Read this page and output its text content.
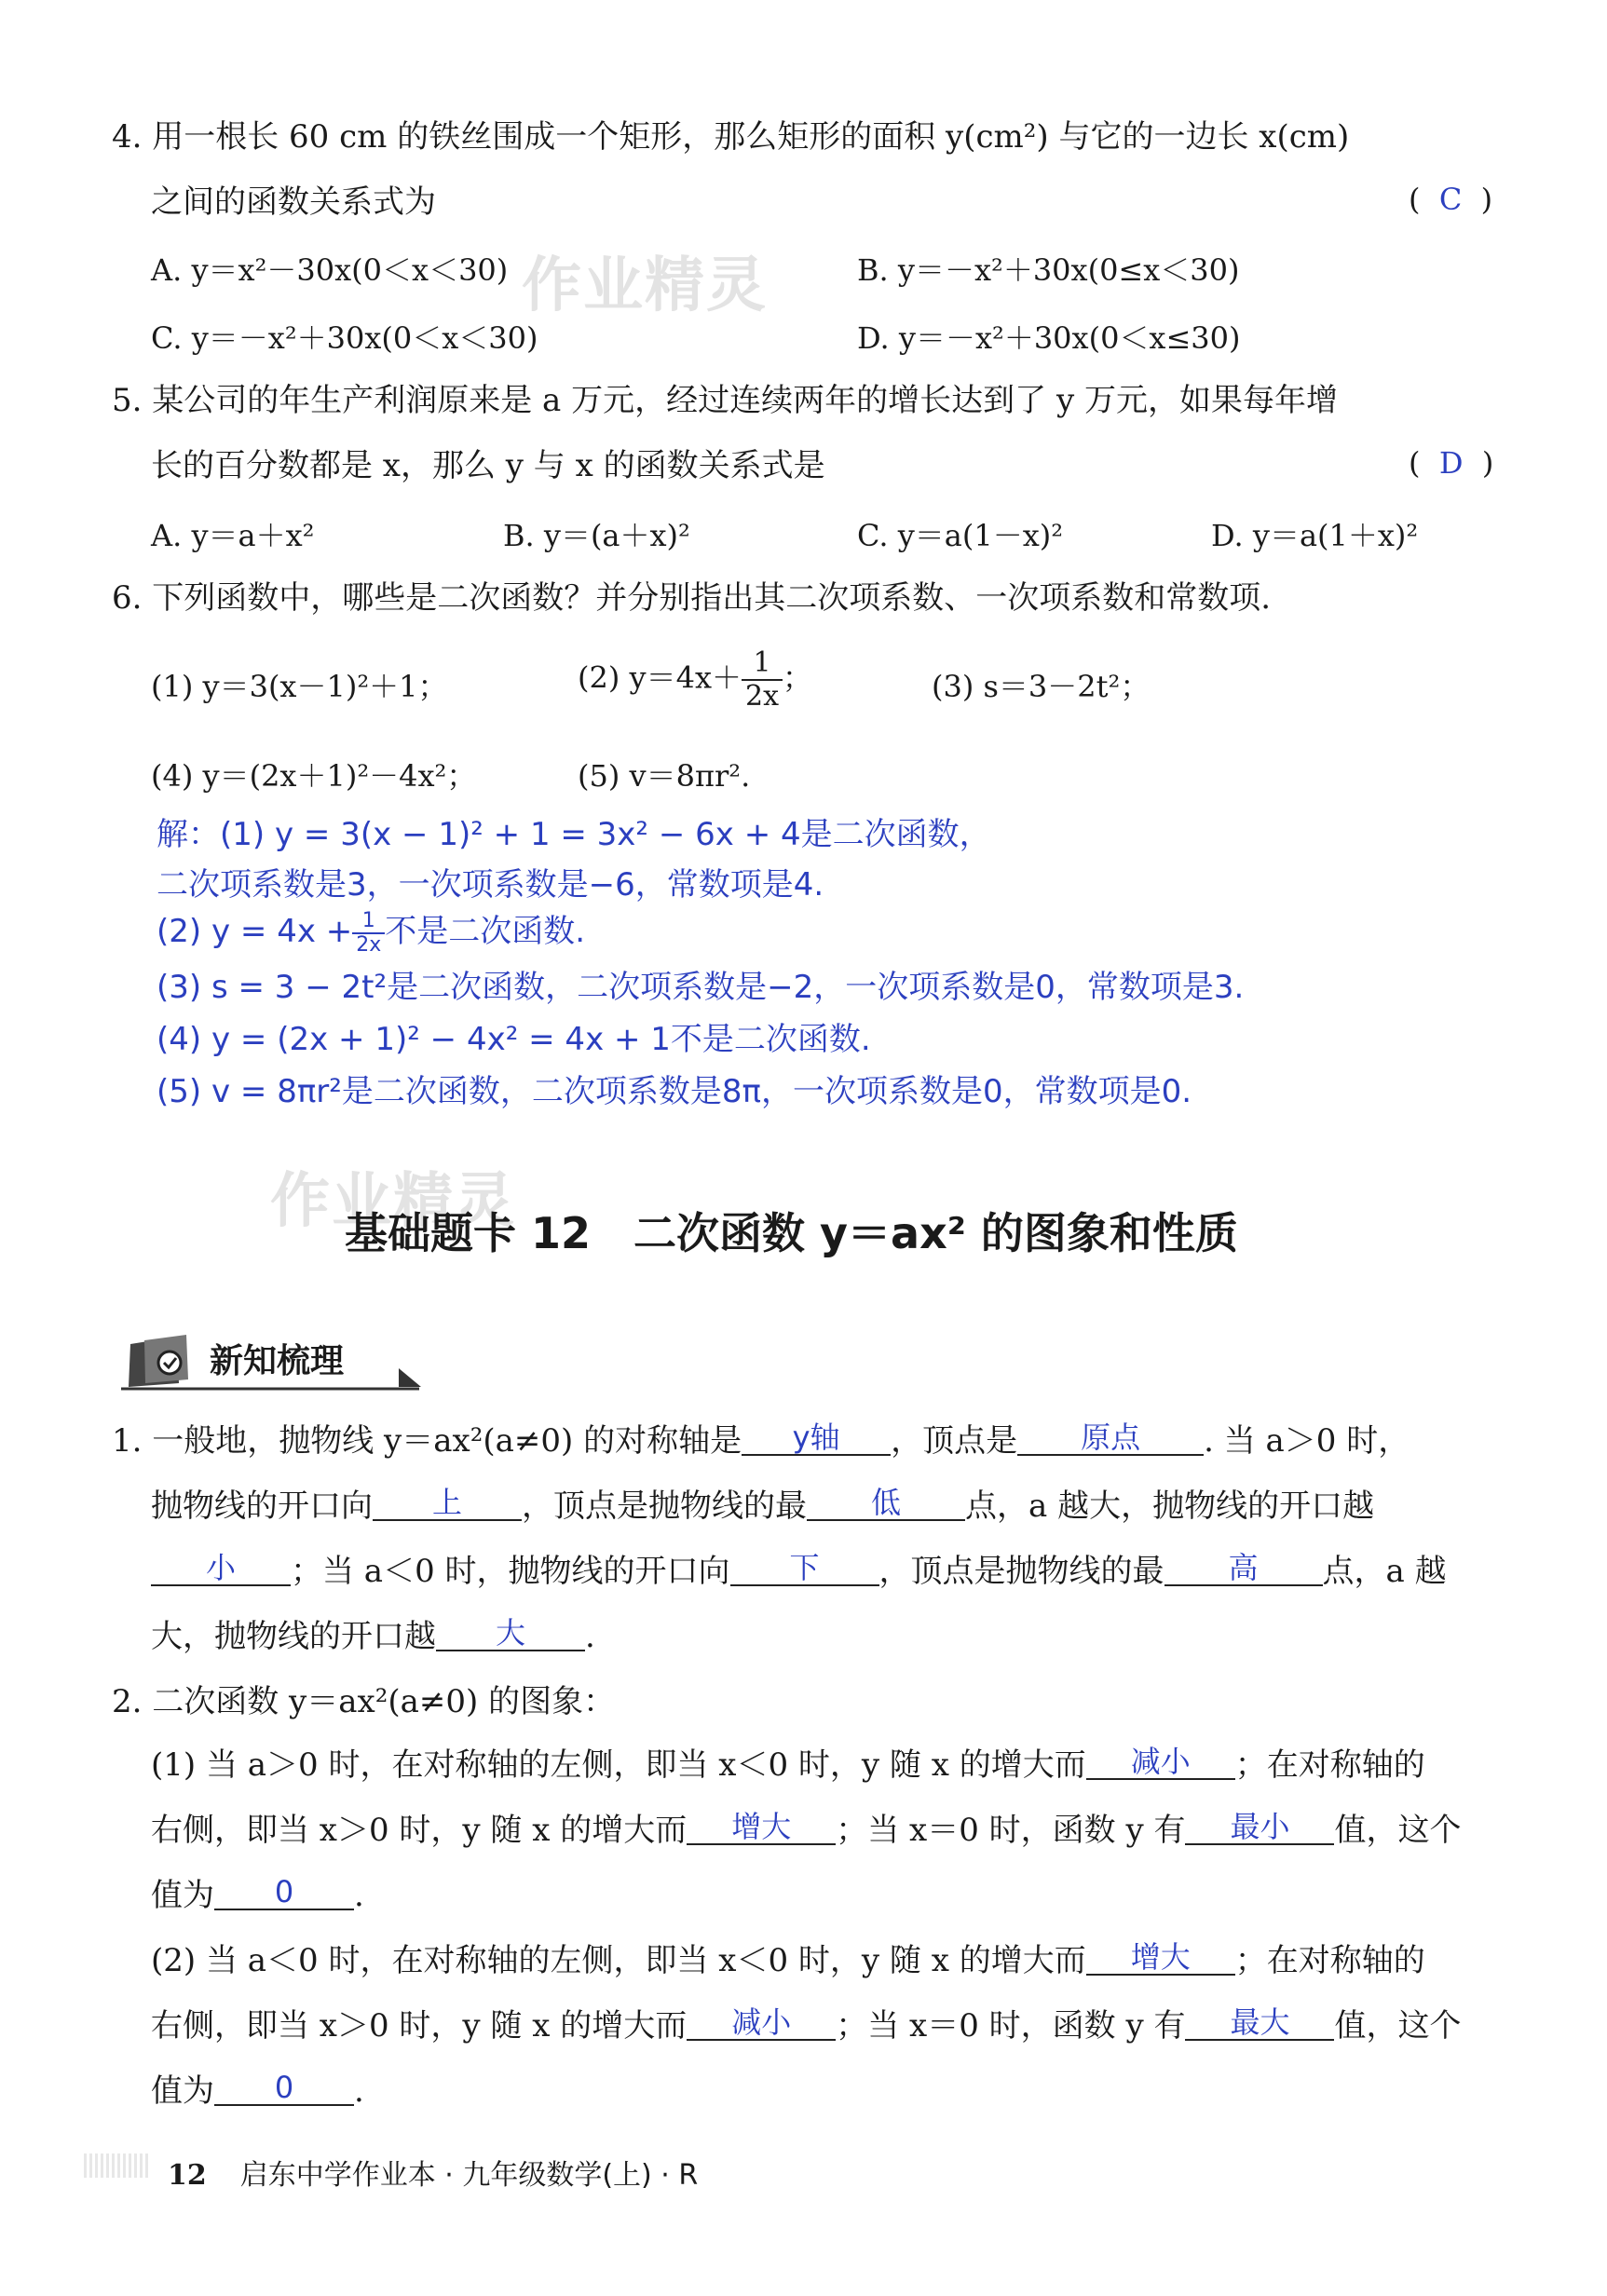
4. 用一根长 60 cm 的铁丝围成一个矩形，那么矩形的面积 y(cm²) 与它的一边长 x(cm)
之间的函数关系式为	(  C  )
A. y＝x²－30x(0＜x＜30)	B. y＝－x²＋30x(0≤x＜30)
C. y＝－x²＋30x(0＜x＜30)	D. y＝－x²＋30x(0＜x≤30)
作业精灵
5. 某公司的年生产利润原来是 a 万元，经过连续两年的增长达到了 y 万元，如果每年增
长的百分数都是 x，那么 y 与 x 的函数关系式是	(  D  )
A. y＝a＋x²	B. y＝(a＋x)²	C. y＝a(1－x)²	D. y＝a(1＋x)²
6. 下列函数中，哪些是二次函数？并分别指出其二次项系数、一次项系数和常数项.
(1) y＝3(x－1)²＋1；	(2) $y=4x+ \frac{1}{2x}$ ；	(3) s＝3－2t²；
(4) y＝(2x＋1)²－4x²；	(5) v＝8πr².
解：(1) y = 3(x − 1)² + 1 = 3x² − 6x + 4是二次函数，
二次项系数是3，一次项系数是−6，常数项是4.
(2) $y = 4x + \frac{1}{2x}$ 不是二次函数.
(3) s = 3 − 2t²是二次函数，二次项系数是−2，一次项系数是0，常数项是3.
(4) y = (2x + 1)² − 4x² = 4x + 1不是二次函数.
(5) v = 8πr²是二次函数，二次项系数是8π，一次项系数是0，常数项是0.
作业精灵
基础题卡 12　二次函数 y＝ax² 的图象和性质
新知梳理
1. 一般地，抛物线 y＝ax²(a≠0) 的对称轴是 y轴 ，顶点是 原点 . 当 a＞0 时，
抛物线的开口向 上 ，顶点是抛物线的最 低 点，a 越大，抛物线的开口越
小 ；当 a＜0 时，抛物线的开口向 下 ，顶点是抛物线的最 高 点，a 越
大，抛物线的开口越 大 .
2. 二次函数 y＝ax²(a≠0) 的图象：
(1) 当 a＞0 时，在对称轴的左侧，即当 x＜0 时，y 随 x 的增大而 减小 ；在对称轴的
右侧，即当 x＞0 时，y 随 x 的增大而 增大 ；当 x＝0 时，函数 y 有 最小 值，这个
值为 0 .
(2) 当 a＜0 时，在对称轴的左侧，即当 x＜0 时，y 随 x 的增大而 增大 ；在对称轴的
右侧，即当 x＞0 时，y 随 x 的增大而 减小 ；当 x＝0 时，函数 y 有 最大 值，这个
值为 0 .
12 启东中学作业本 · 九年级数学(上) · R
